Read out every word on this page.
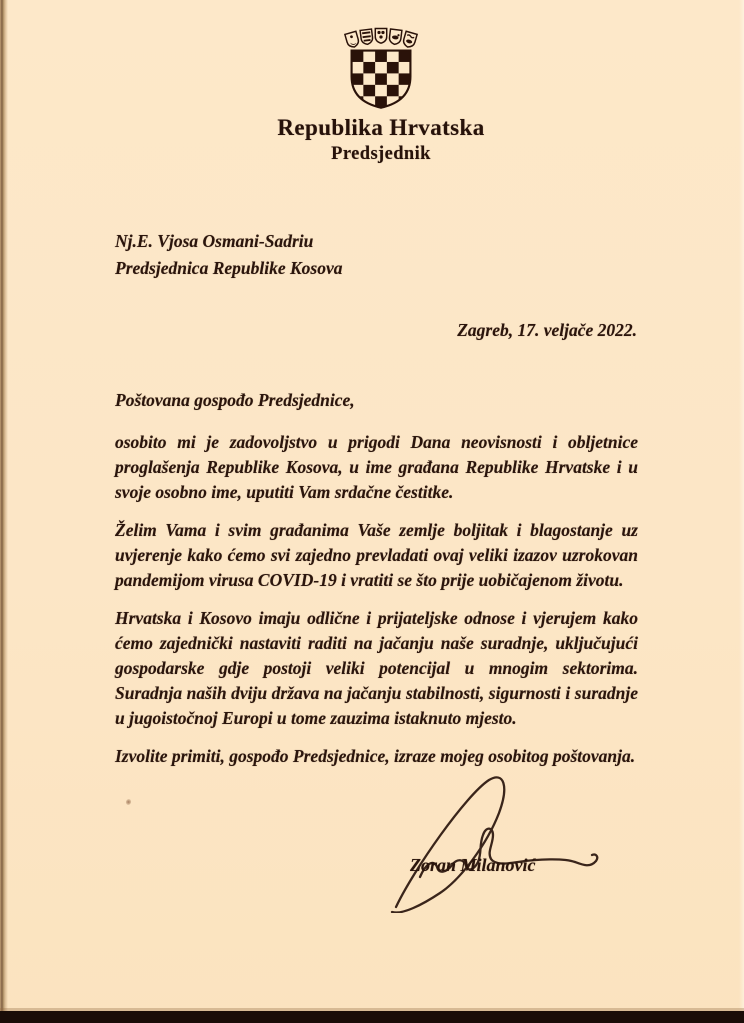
Republika Hrvatska
Predsjednik
Nj.E. Vjosa Osmani-Sadriu
Predsjednica Republike Kosova
Zagreb, 17. veljače 2022.

Poštovana gospođo Predsjednice,

osobito mi je zadovoljstvo u prigodi Dana neovisnosti i obljetnice proglašenja Republike Kosova, u ime građana Republike Hrvatske i u svoje osobno ime, uputiti Vam srdačne čestitke.

Želim Vama i svim građanima Vaše zemlje boljitak i blagostanje uz uvjerenje kako ćemo svi zajedno prevladati ovaj veliki izazov uzrokovan pandemijom virusa COVID-19 i vratiti se što prije uobičajenom životu.

Hrvatska i Kosovo imaju odlične i prijateljske odnose i vjerujem kako ćemo zajednički nastaviti raditi na jačanju naše suradnje, uključujući gospodarske gdje postoji veliki potencijal u mnogim sektorima. Suradnja naših dviju država na jačanju stabilnosti, sigurnosti i suradnje u jugoistočnoj Europi u tome zauzima istaknuto mjesto.

Izvolite primiti, gospođo Predsjednice, izraze mojeg osobitog poštovanja.

Zoran Milanović
